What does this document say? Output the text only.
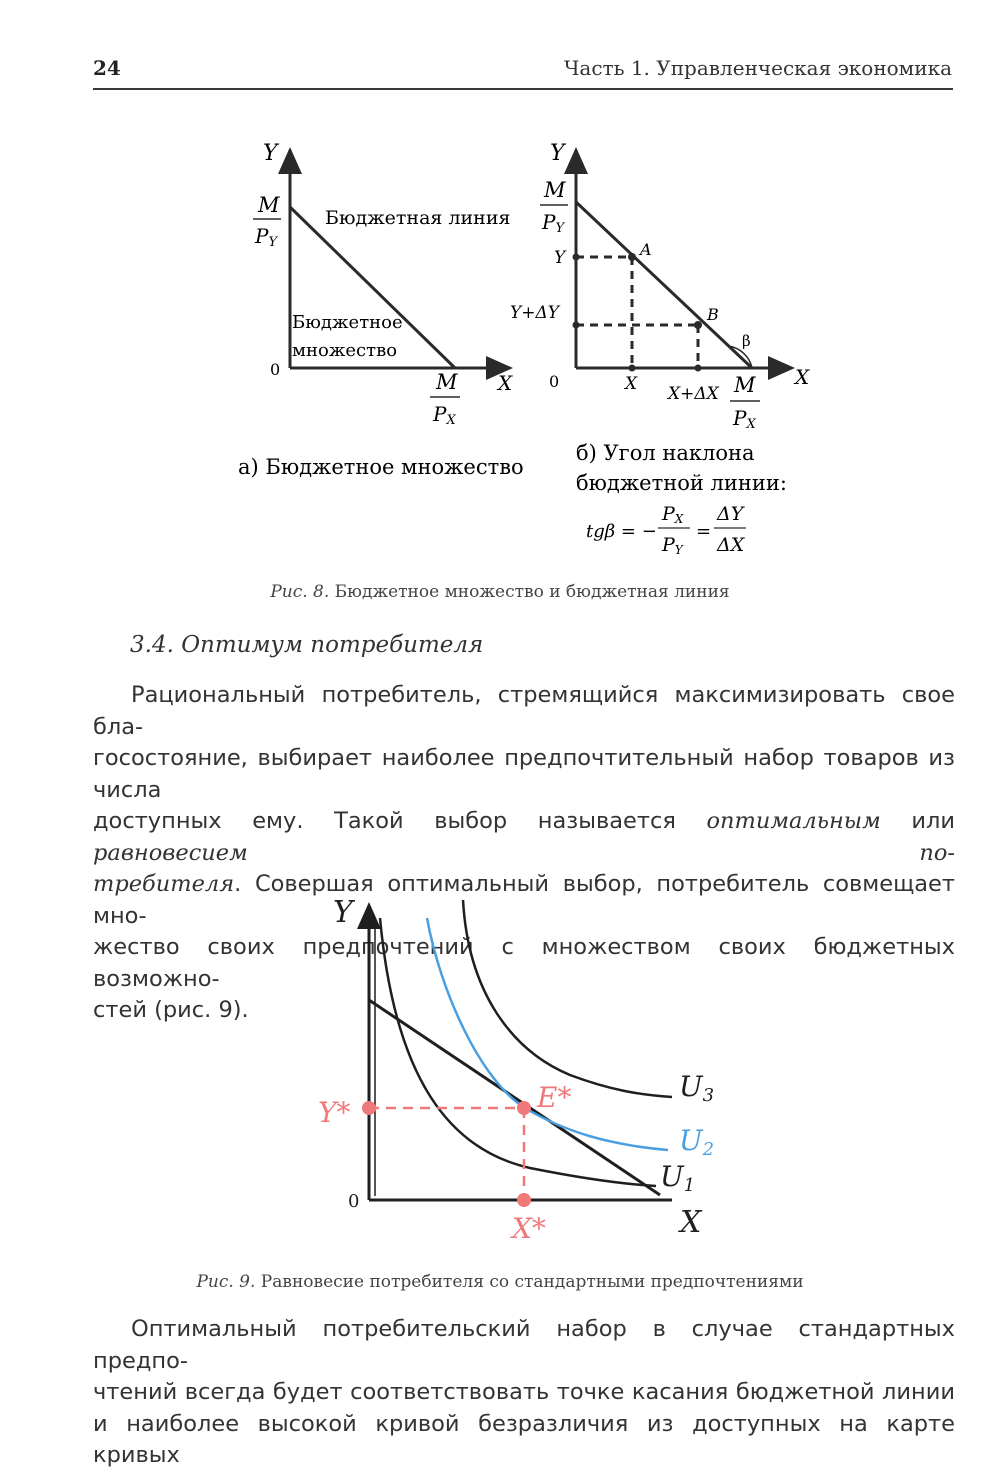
24	Часть 1. Управленческая экономика
Y
X
0
M
PY
M
PX
Бюджетная линия
Бюджетное
множество
а) Бюджетное множество
Y
X
0
M
PY
Y
Y+ΔY
X X+ΔX M
PX
A
B
β
б) Угол наклона
бюджетной линии:
tgβ = −
PX
PY
=
ΔY
ΔX
Рис. 8. Бюджетное множество и бюджетная линия
3.4. Оптимум потребителя
Рациональный потребитель, стремящийся максимизировать свое бла-
госостояние, выбирает наиболее предпочтительный набор товаров из числа
доступных ему. Такой выбор называется оптимальным или равновесием по-
требителя. Совершая оптимальный выбор, потребитель совмещает мно-
жество своих предпочтений с множеством своих бюджетных возможно-
стей (рис. 9).
Y
X
0
Y*
X*
E*	U3
U2
U1
Рис. 9. Равновесие потребителя со стандартными предпочтениями
Оптимальный потребительский набор в случае стандартных предпо-
чтений всегда будет соответствовать точке касания бюджетной линии
и наиболее высокой кривой безразличия из доступных на карте кривых
